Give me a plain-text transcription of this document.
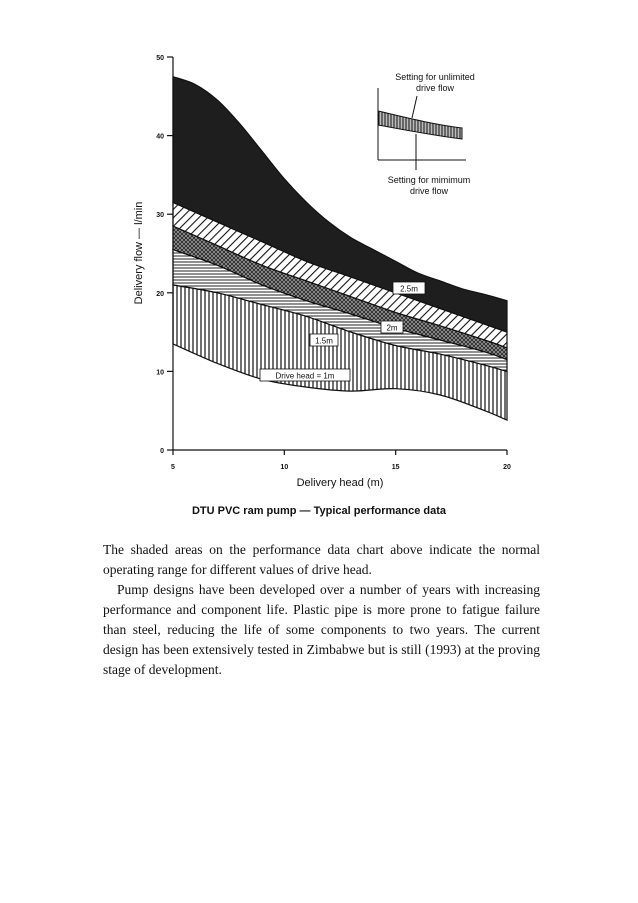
0
10
20
30
40
50
5	10	15	20
Delivery head (m)
Delivery flow — l/min	2.5m
2m
1.5m
Drive head = 1m
Setting for unlimited
drive flow
Setting for mimimum
drive flow
DTU PVC ram pump — Typical performance data

The shaded areas on the performance data chart above indicate the normal operating range for different values of drive head.

Pump designs have been developed over a number of years with increasing performance and component life. Plastic pipe is more prone to fatigue failure than steel, reducing the life of some components to two years. The current design has been extensively tested in Zimbabwe but is still (1993) at the proving stage of development.
